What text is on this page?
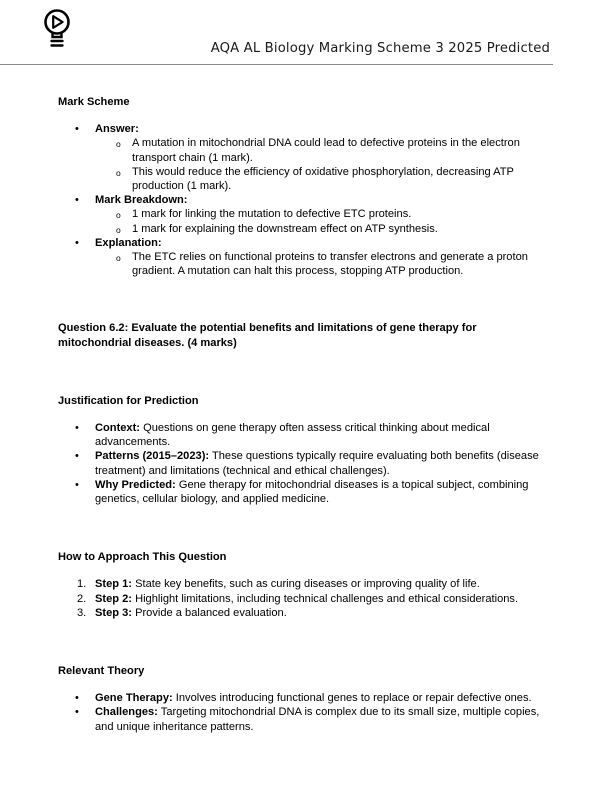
AQA AL Biology Marking Scheme 3 2025 Predicted

Mark Scheme

• Answer:
o A mutation in mitochondrial DNA could lead to defective proteins in the electron transport chain (1 mark).
o This would reduce the efficiency of oxidative phosphorylation, decreasing ATP production (1 mark).
• Mark Breakdown:
o 1 mark for linking the mutation to defective ETC proteins.
o 1 mark for explaining the downstream effect on ATP synthesis.
• Explanation:
o The ETC relies on functional proteins to transfer electrons and generate a proton gradient. A mutation can halt this process, stopping ATP production.

Question 6.2: Evaluate the potential benefits and limitations of gene therapy for mitochondrial diseases. (4 marks)

Justification for Prediction

• Context: Questions on gene therapy often assess critical thinking about medical advancements.
• Patterns (2015–2023): These questions typically require evaluating both benefits (disease treatment) and limitations (technical and ethical challenges).
• Why Predicted: Gene therapy for mitochondrial diseases is a topical subject, combining genetics, cellular biology, and applied medicine.

How to Approach This Question

1. Step 1: State key benefits, such as curing diseases or improving quality of life.
2. Step 2: Highlight limitations, including technical challenges and ethical considerations.
3. Step 3: Provide a balanced evaluation.

Relevant Theory

• Gene Therapy: Involves introducing functional genes to replace or repair defective ones.
• Challenges: Targeting mitochondrial DNA is complex due to its small size, multiple copies, and unique inheritance patterns.
